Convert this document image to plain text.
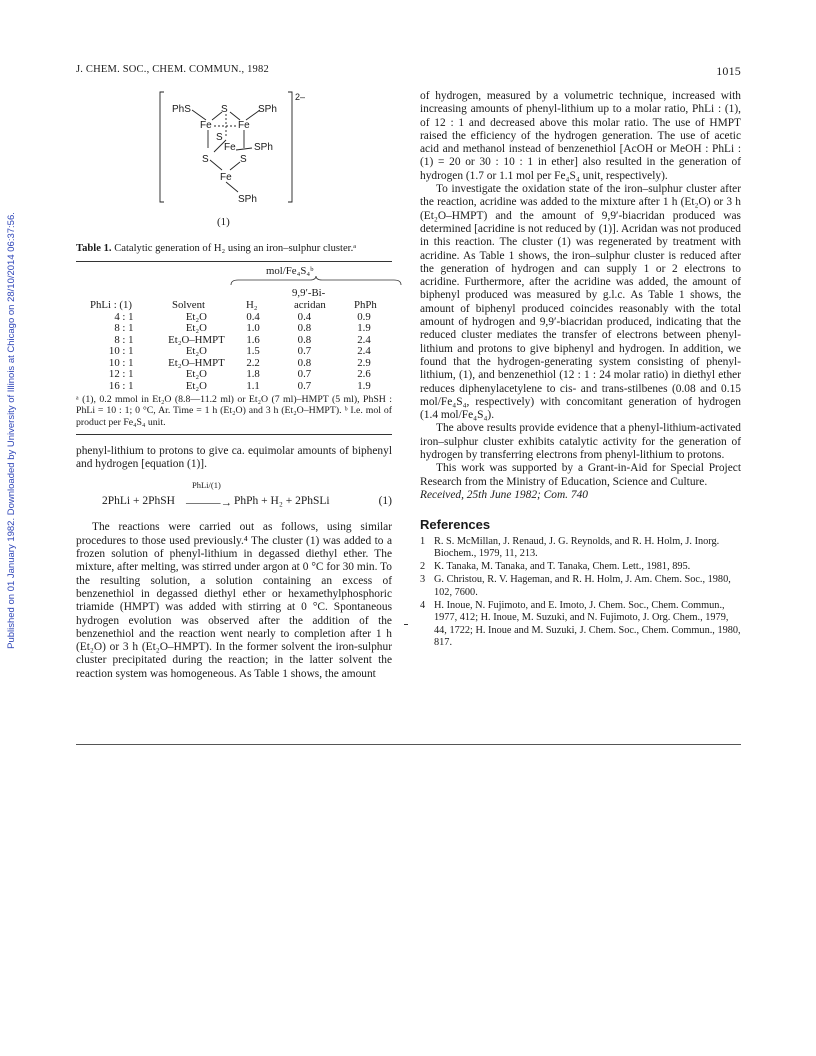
Published on 01 January 1982. Downloaded by University of Illinois at Chicago on 28/10/2014 06:37:56.
J. CHEM. SOC., CHEM. COMMUN., 1982	1015
PhS	S	SPh
Fe	Fe
S
Fe SPh
S	S
Fe
SPh
2–
(1)
Table 1. Catalytic generation of H₂ using an iron–sulphur cluster.ᵃ
mol/Fe₄S₄ᵇ
PhLi : (1)	Solvent	H₂
9,9′-Bi-
acridan	PhPh
4 : 1	Et₂O	0.4	0.4	0.9
8 : 1	Et₂O	1.0	0.8	1.9
8 : 1	Et₂O–HMPT	1.6	0.8	2.4
10 : 1	Et₂O	1.5	0.7	2.4
10 : 1	Et₂O–HMPT	2.2	0.8	2.9
12 : 1	Et₂O	1.8	0.7	2.6
16 : 1	Et₂O	1.1	0.7	1.9
ᵃ (1), 0.2 mmol in Et₂O (8.8—11.2 ml) or Et₂O (7 ml)–HMPT (5 ml), PhSH : PhLi = 10 : 1; 0 °C, Ar. Time = 1 h (Et₂O) and 3 h (Et₂O–HMPT). ᵇ I.e. mol of product per Fe₄S₄ unit.

phenyl-lithium to protons to give ca. equimolar amounts of biphenyl and hydrogen [equation (1)].

2PhLi + 2PhSH
PhLi/(1)
———→ PhPh + H₂ + 2PhSLi	(1)

The reactions were carried out as follows, using similar procedures to those used previously.⁴ The cluster (1) was added to a frozen solution of phenyl-lithium in degassed diethyl ether. The mixture, after melting, was stirred under argon at 0 °C for 30 min. To the resulting solution, a solution containing an excess of benzenethiol in degassed diethyl ether or hexamethylphosphoric triamide (HMPT) was added with stirring at 0 °C. Spontaneous hydrogen evolution was observed after the addition of the benzenethiol and the reaction went nearly to completion after 1 h (Et₂O) or 3 h (Et₂O–HMPT). In the former solvent the iron-sulphur cluster precipitated during the reaction; in the latter solvent the reaction system was homogeneous. As Table 1 shows, the amount

of hydrogen, measured by a volumetric technique, increased with increasing amounts of phenyl-lithium up to a molar ratio, PhLi : (1), of 12 : 1 and decreased above this molar ratio. The use of HMPT raised the efficiency of the hydrogen generation. The use of acetic acid and methanol instead of benzenethiol [AcOH or MeOH : PhLi : (1) = 20 or 30 : 10 : 1 in ether] also resulted in the generation of hydrogen (1.7 or 1.1 mol per Fe₄S₄ unit, respectively).

To investigate the oxidation state of the iron–sulphur cluster after the reaction, acridine was added to the mixture after 1 h (Et₂O) or 3 h (Et₂O–HMPT) and the amount of 9,9′-biacridan produced was determined [acridine is not reduced by (1)]. Acridan was not produced in this reaction. The cluster (1) was regenerated by treatment with acridine. As Table 1 shows, the iron–sulphur cluster is reduced after the generation of hydrogen and can supply 1 or 2 electrons to acridine. Furthermore, after the acridine was added, the amount of biphenyl produced was measured by g.l.c. As Table 1 shows, the amount of biphenyl produced coincides reasonably with the total amount of hydrogen and 9,9′-biacridan produced, indicating that the reduced cluster mediates the transfer of electrons between phenyl-lithium and protons to give biphenyl and hydrogen. In addition, we found that the hydrogen-generating system consisting of phenyl-lithium, (1), and benzenethiol (12 : 1 : 24 molar ratio) in diethyl ether reduces diphenylacetylene to cis- and trans-stilbenes (0.08 and 0.15 mol/Fe₄S₄, respectively) with concomitant generation of hydrogen (1.4 mol/Fe₄S₄).

The above results provide evidence that a phenyl-lithium-activated iron–sulphur cluster exhibits catalytic activity for the generation of hydrogen by transferring electrons from phenyl-lithium to protons.

This work was supported by a Grant-in-Aid for Special Project Research from the Ministry of Education, Science and Culture.

Received, 25th June 1982; Com. 740

References
1 R. S. McMillan, J. Renaud, J. G. Reynolds, and R. H. Holm, J. Inorg. Biochem., 1979, 11, 213.
2 K. Tanaka, M. Tanaka, and T. Tanaka, Chem. Lett., 1981, 895.
3 G. Christou, R. V. Hageman, and R. H. Holm, J. Am. Chem. Soc., 1980, 102, 7600.
4 H. Inoue, N. Fujimoto, and E. Imoto, J. Chem. Soc., Chem. Commun., 1977, 412; H. Inoue, M. Suzuki, and N. Fujimoto, J. Org. Chem., 1979, 44, 1722; H. Inoue and M. Suzuki, J. Chem. Soc., Chem. Commun., 1980, 817.
